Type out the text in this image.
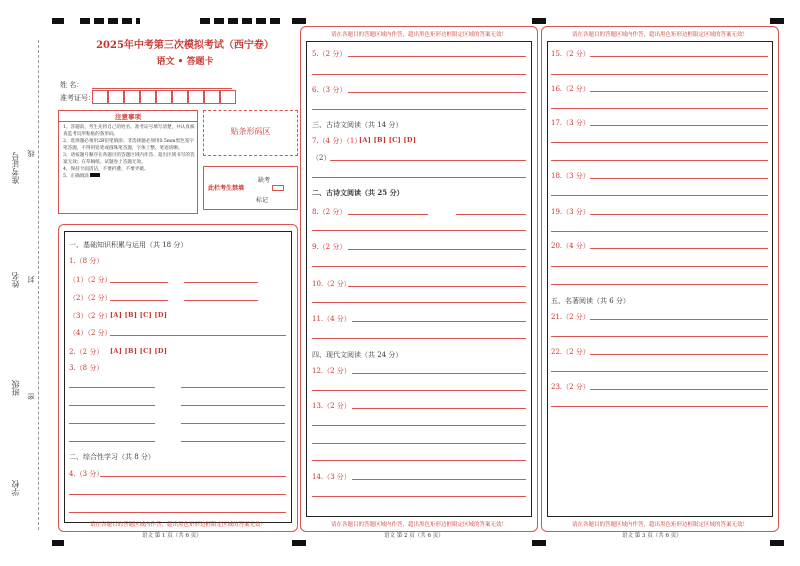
准考证号 线
姓名 封
班级
密
学校
2025年中考第三次模拟考试（西宁卷）
语文 • 答题卡
姓 名：
准考证号：
注意事项

1、答题前，考生先将自己的姓名、准考证号填写清楚，并认真核查监考员所粘贴的条形码。

2、选择题必须用2B铅笔填涂；非选择题必须用0.5mm黑色签字笔答题，不得用铅笔或圆珠笔答题，字体工整、笔迹清晰。

3、请按题号顺序在各题目的答题区域内作答，超出区域书写的答案无效；在草稿纸、试题卷上答题无效。

4、保持卡面清洁，不要折叠、不要弄破。

5、正确填涂

贴条形码区
此栏考生禁填
缺考
标记
请在各题目的答题区域内作答，超出黑色矩形边框限定区域的答案无效！
一、基础知识积累与运用（共 18 分）
1.（8 分）
（1）（2 分）
（2）（2 分）
（3）（2 分）
[A] [B] [C] [D]
（4）（2 分）
2.（2 分） [A] [B] [C] [D]
3.（8 分）
二、综合性学习（共 8 分）
4.（3 分）
语文 第 1 页（共 6 页）
请在各题目的答题区域内作答，超出黑色矩形边框限定区域的答案无效！
请在各题目的答题区域内作答，超出黑色矩形边框限定区域的答案无效！
5.（2 分）
6.（3 分）
三、古诗文阅读（共 14 分）
7.（4 分）（1）
[A] [B] [C] [D]
（2）
二、古诗文阅读（共 25 分）
8.（2 分）
9.（2 分）
10.（2 分）
11.（4 分）
四、现代文阅读（共 24 分）
12.（2 分）
13.（2 分）
14.（3 分）
语文 第 2 页（共 6 页）
请在各题目的答题区域内作答，超出黑色矩形边框限定区域的答案无效！
请在各题目的答题区域内作答，超出黑色矩形边框限定区域的答案无效！
15.（2 分）
16.（2 分）
17.（3 分）
18.（3 分）
19.（3 分）
20.（4 分）
五、名著阅读（共 6 分）
21.（2 分）
22.（2 分）
23.（2 分）
语文 第 3 页（共 6 页）
